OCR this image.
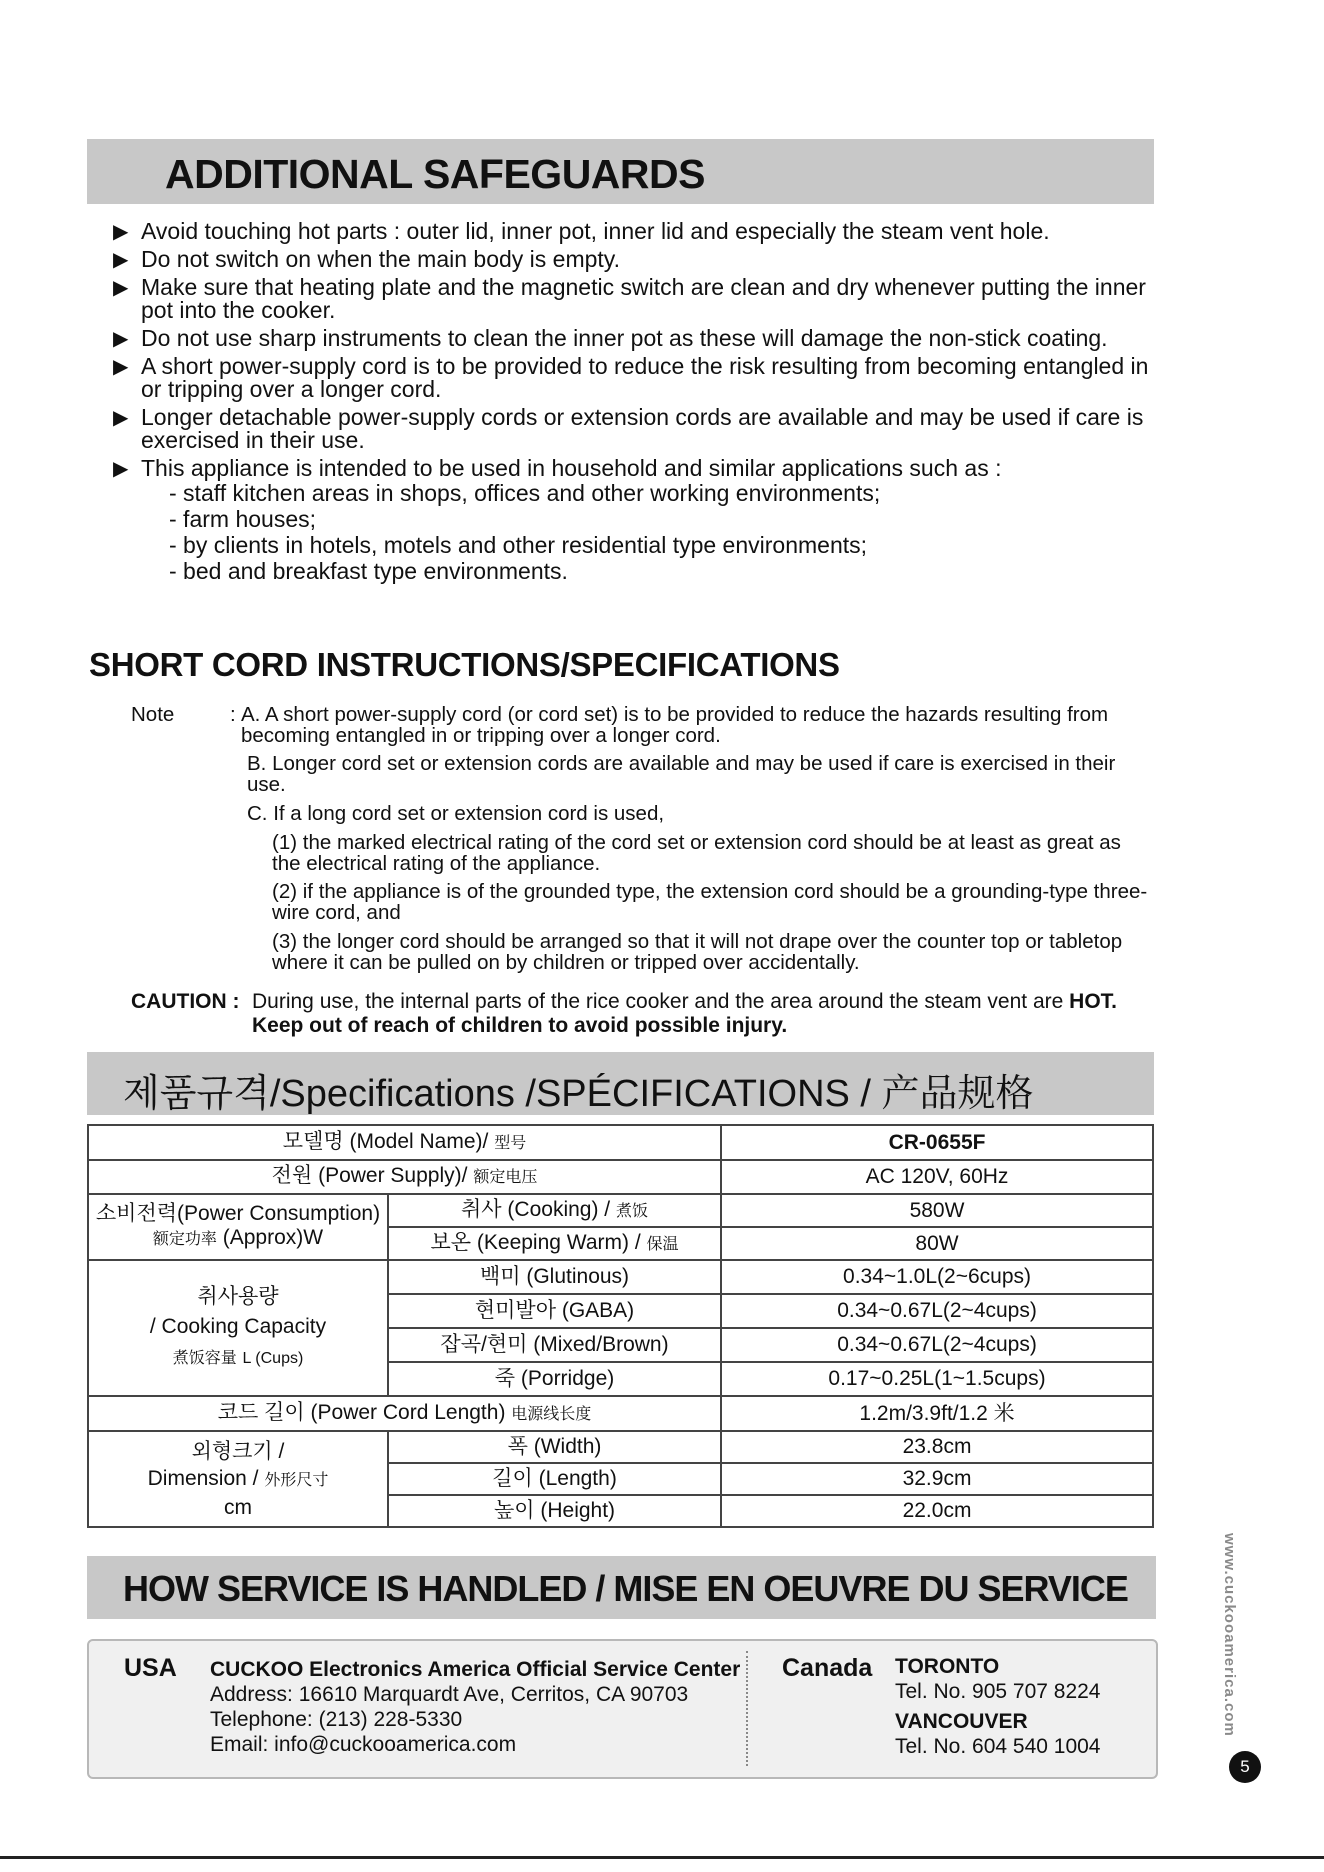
ADDITIONAL SAFEGUARDS
▶ Avoid touching hot parts : outer lid, inner pot, inner lid and especially the steam vent hole.
▶ Do not switch on when the main body is empty.
▶ Make sure that heating plate and the magnetic switch are clean and dry whenever putting the inner pot into the cooker.
▶ Do not use sharp instruments to clean the inner pot as these will damage the non-stick coating.
▶ A short power-supply cord is to be provided to reduce the risk resulting from becoming entangled in or tripping over a longer cord.
▶ Longer detachable power-supply cords or extension cords are available and may be used if care is exercised in their use.
▶ This appliance is intended to be used in household and similar applications such as :
- staff kitchen areas in shops, offices and other working environments;
- farm houses;
- by clients in hotels, motels and other residential type environments;
- bed and breakfast type environments.
SHORT CORD INSTRUCTIONS/SPECIFICATIONS
Note	: A. A short power-supply cord (or cord set) is to be provided to reduce the hazards resulting from becoming entangled in or tripping over a longer cord.
B. Longer cord set or extension cords are available and may be used if care is exercised in their use.
C. If a long cord set or extension cord is used,
(1) the marked electrical rating of the cord set or extension cord should be at least as great as the electrical rating of the appliance.
(2) if the appliance is of the grounded type, the extension cord should be a grounding-type three-wire cord, and
(3) the longer cord should be arranged so that it will not drape over the counter top or tabletop where it can be pulled on by children or tripped over accidentally.
CAUTION : During use, the internal parts of the rice cooker and the area around the steam vent are HOT.
Keep out of reach of children to avoid possible injury.
제품규격/Specifications /SPÉCIFICATIONS / 产品规格
모델명 (Model Name)/ 型号		CR-0655F
전원 (Power Supply)/ 额定电压		AC 120V, 60Hz
소비전력(Power Consumption)
额定功率 (Approx)W	취사 (Cooking) / 煮饭	580W
	보온 (Keeping Warm) / 保温	80W
취사용량
/ Cooking Capacity
煮饭容量 L (Cups)	백미 (Glutinous)	0.34~1.0L(2~6cups)
	현미발아 (GABA)	0.34~0.67L(2~4cups)
	잡곡/현미 (Mixed/Brown)	0.34~0.67L(2~4cups)
	죽 (Porridge)	0.17~0.25L(1~1.5cups)
코드 길이 (Power Cord Length) 电源线长度		1.2m/3.9ft/1.2 米
외형크기 /
Dimension / 外形尺寸
cm	폭 (Width)	23.8cm
	길이 (Length)	32.9cm
	높이 (Height)	22.0cm
HOW SERVICE IS HANDLED / MISE EN OEUVRE DU SERVICE
USA CUCKOO Electronics America Official Service Center
Address: 16610 Marquardt Ave, Cerritos, CA 90703
Telephone: (213) 228-5330
Email: info@cuckooamerica.com
Canada TORONTO
Tel. No. 905 707 8224
VANCOUVER
Tel. No. 604 540 1004
www.cuckooamerica.com
5
